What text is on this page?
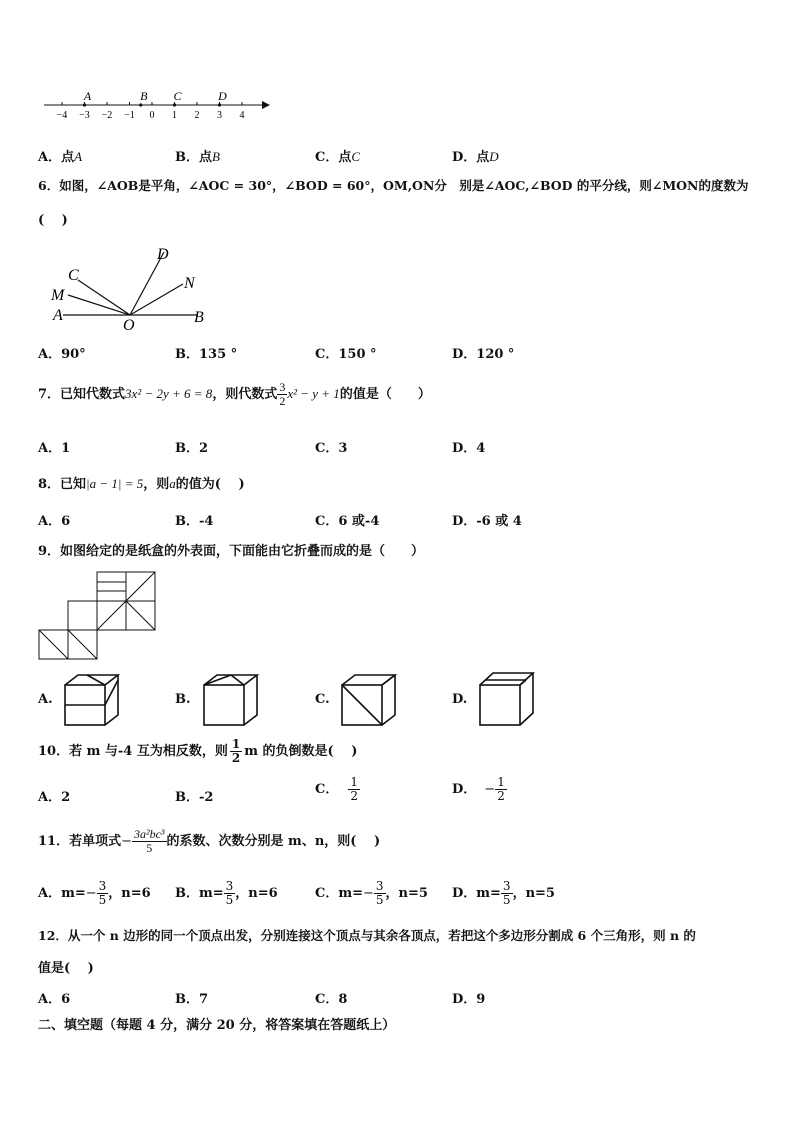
−4 −3 −2 −1 0 1 2 3 4
A	B C	D
A．点A	B．点B	C．点C	D．点D
6．如图，∠AOB是平角，∠AOC = 30°，∠BOD = 60°，OM,ON分　别是∠AOC,∠BOD 的平分线，则∠MON的度数为
(　 )
C
D
N
M
A
O	B
A．90°	B．135 °	C．150 °	D．120 °
7．已知代数式3x² − 2y + 6 = 8，则代数式 $\frac{3}{2} x^2 - y + 1$的值是（　　）
A．1	B．2	C．3	D．4
8．已知|a − 1| = 5，则a的值为(　 )
A．6	B．-4	C．6 或-4	D．-6 或 4
9．如图给定的是纸盒的外表面，下面能由它折叠而成的是（　　）
A.	B.	C.	D.
10．若 m 与-4 互为相反数，则 $\frac{1}{2}$ m 的负倒数是(　 )
A．2	B．-2
C． $\frac{1}{2}$	D． − $\frac{1}{2}$
11．若单项式− $\frac{\text{3a²bc³}}{5}$ 的系数、次数分别是 m、n，则(　 )
A．$m=- \frac{3}{5}$ ，n=6 B．$m= \frac{3}{5}$ ，n=6	C．$m=- \frac{3}{5}$ ，n=5 D．$m= \frac{3}{5}$ ，n=5
12．从一个 n 边形的同一个顶点出发，分别连接这个顶点与其余各顶点，若把这个多边形分割成 6 个三角形，则 n 的
值是(　 )
A．6	B．7	C．8	D．9
二、填空题（每题 4 分，满分 20 分，将答案填在答题纸上）
